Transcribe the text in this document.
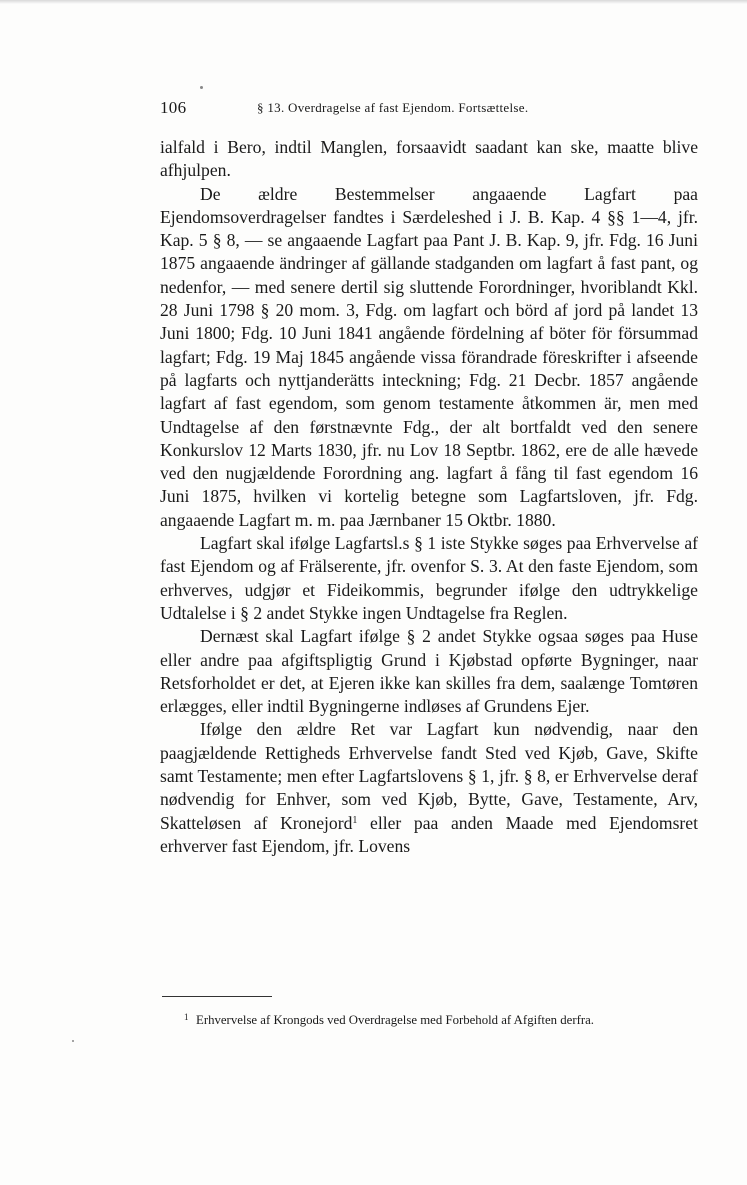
106	§ 13. Overdragelse af fast Ejendom. Fortsættelse.

ialfald i Bero, indtil Manglen, forsaavidt saadant kan ske, maatte blive afhjulpen.

De ældre Bestemmelser angaaende Lagfart paa Ejendomsoverdragelser fandtes i Særdeleshed i J. B. Kap. 4 §§ 1—4, jfr. Kap. 5 § 8, — se angaaende Lagfart paa Pant J. B. Kap. 9, jfr. Fdg. 16 Juni 1875 angaaende ändringer af gällande stadganden om lagfart å fast pant, og nedenfor, — med senere dertil sig sluttende Forordninger, hvoriblandt Kkl. 28 Juni 1798 § 20 mom. 3, Fdg. om lagfart och börd af jord på landet 13 Juni 1800; Fdg. 10 Juni 1841 angående fördelning af böter för försummad lagfart; Fdg. 19 Maj 1845 angående vissa förandrade föreskrifter i afseende på lagfarts och nyttjanderätts inteckning; Fdg. 21 Decbr. 1857 angående lagfart af fast egendom, som genom testamente åtkommen är, men med Undtagelse af den førstnævnte Fdg., der alt bortfaldt ved den senere Konkurslov 12 Marts 1830, jfr. nu Lov 18 Septbr. 1862, ere de alle hævede ved den nugjældende Forordning ang. lagfart å fång til fast egendom 16 Juni 1875, hvilken vi kortelig betegne som Lagfartsloven, jfr. Fdg. angaaende Lagfart m. m. paa Jærnbaner 15 Oktbr. 1880.

Lagfart skal ifølge Lagfartsl.s § 1 iste Stykke søges paa Erhvervelse af fast Ejendom og af Frälserente, jfr. ovenfor S. 3. At den faste Ejendom, som erhverves, udgjør et Fideikommis, begrunder ifølge den udtrykkelige Udtalelse i § 2 andet Stykke ingen Undtagelse fra Reglen.

Dernæst skal Lagfart ifølge § 2 andet Stykke ogsaa søges paa Huse eller andre paa afgiftspligtig Grund i Kjøbstad opførte Bygninger, naar Retsforholdet er det, at Ejeren ikke kan skilles fra dem, saalænge Tomtøren erlægges, eller indtil Bygningerne indløses af Grundens Ejer.

Ifølge den ældre Ret var Lagfart kun nødvendig, naar den paagjældende Rettigheds Erhvervelse fandt Sted ved Kjøb, Gave, Skifte samt Testamente; men efter Lagfartslovens § 1, jfr. § 8, er Erhvervelse deraf nødvendig for Enhver, som ved Kjøb, Bytte, Gave, Testamente, Arv, Skatteløsen af Kronejord$^1$ eller paa anden Maade med Ejendomsret erhverver fast Ejendom, jfr. Lovens

1 Erhvervelse af Krongods ved Overdragelse med Forbehold af Afgiften derfra.
